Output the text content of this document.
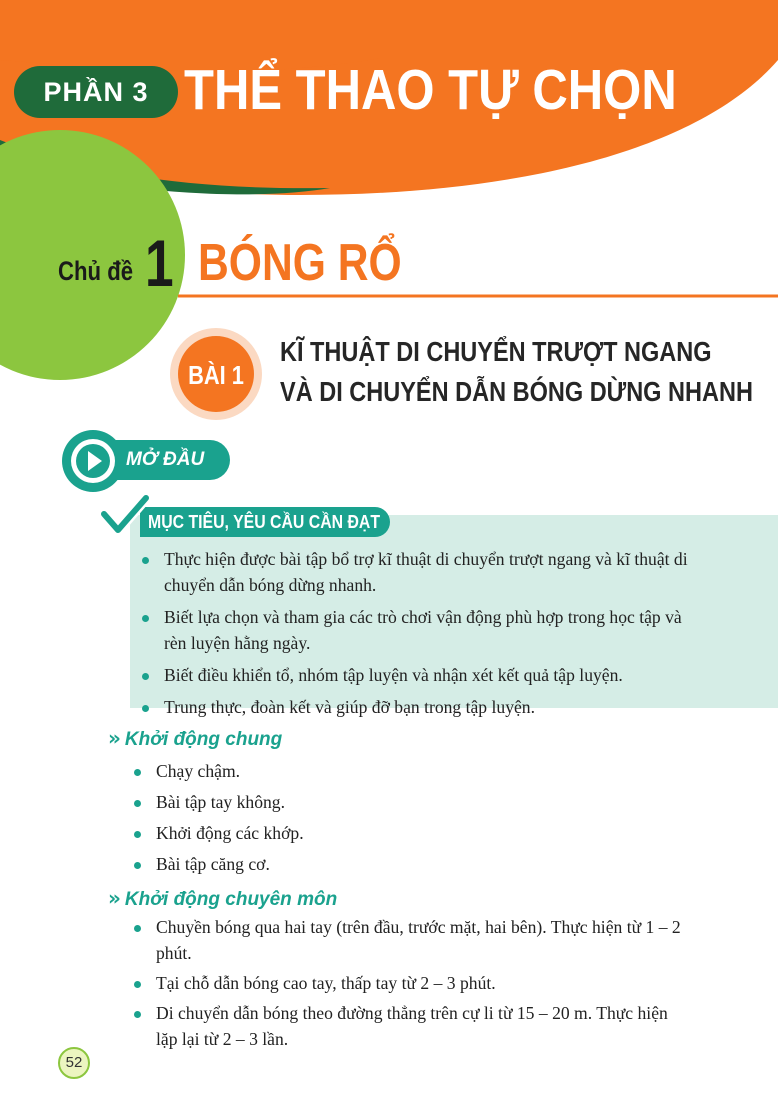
PHẦN 3 THỂ THAO TỰ CHỌN
Chủ đề 1 BÓNG RỔ
BÀI 1
KĨ THUẬT DI CHUYỂN TRƯỢT NGANG
VÀ DI CHUYỂN DẪN BÓNG DỪNG NHANH
MỞ ĐẦU
MỤC TIÊU, YÊU CẦU CẦN ĐẠT
Thực hiện được bài tập bổ trợ kĩ thuật di chuyển trượt ngang và kĩ thuật di
chuyển dẫn bóng dừng nhanh.
Biết lựa chọn và tham gia các trò chơi vận động phù hợp trong học tập và
rèn luyện hằng ngày.
Biết điều khiển tổ, nhóm tập luyện và nhận xét kết quả tập luyện.
Trung thực, đoàn kết và giúp đỡ bạn trong tập luyện.
» Khởi động chung
Chạy chậm.
Bài tập tay không.
Khởi động các khớp.
Bài tập căng cơ.
» Khởi động chuyên môn
Chuyền bóng qua hai tay (trên đầu, trước mặt, hai bên). Thực hiện từ 1 – 2
phút.
Tại chỗ dẫn bóng cao tay, thấp tay từ 2 – 3 phút.
Di chuyển dẫn bóng theo đường thẳng trên cự li từ 15 – 20 m. Thực hiện
lặp lại từ 2 – 3 lần.
52
